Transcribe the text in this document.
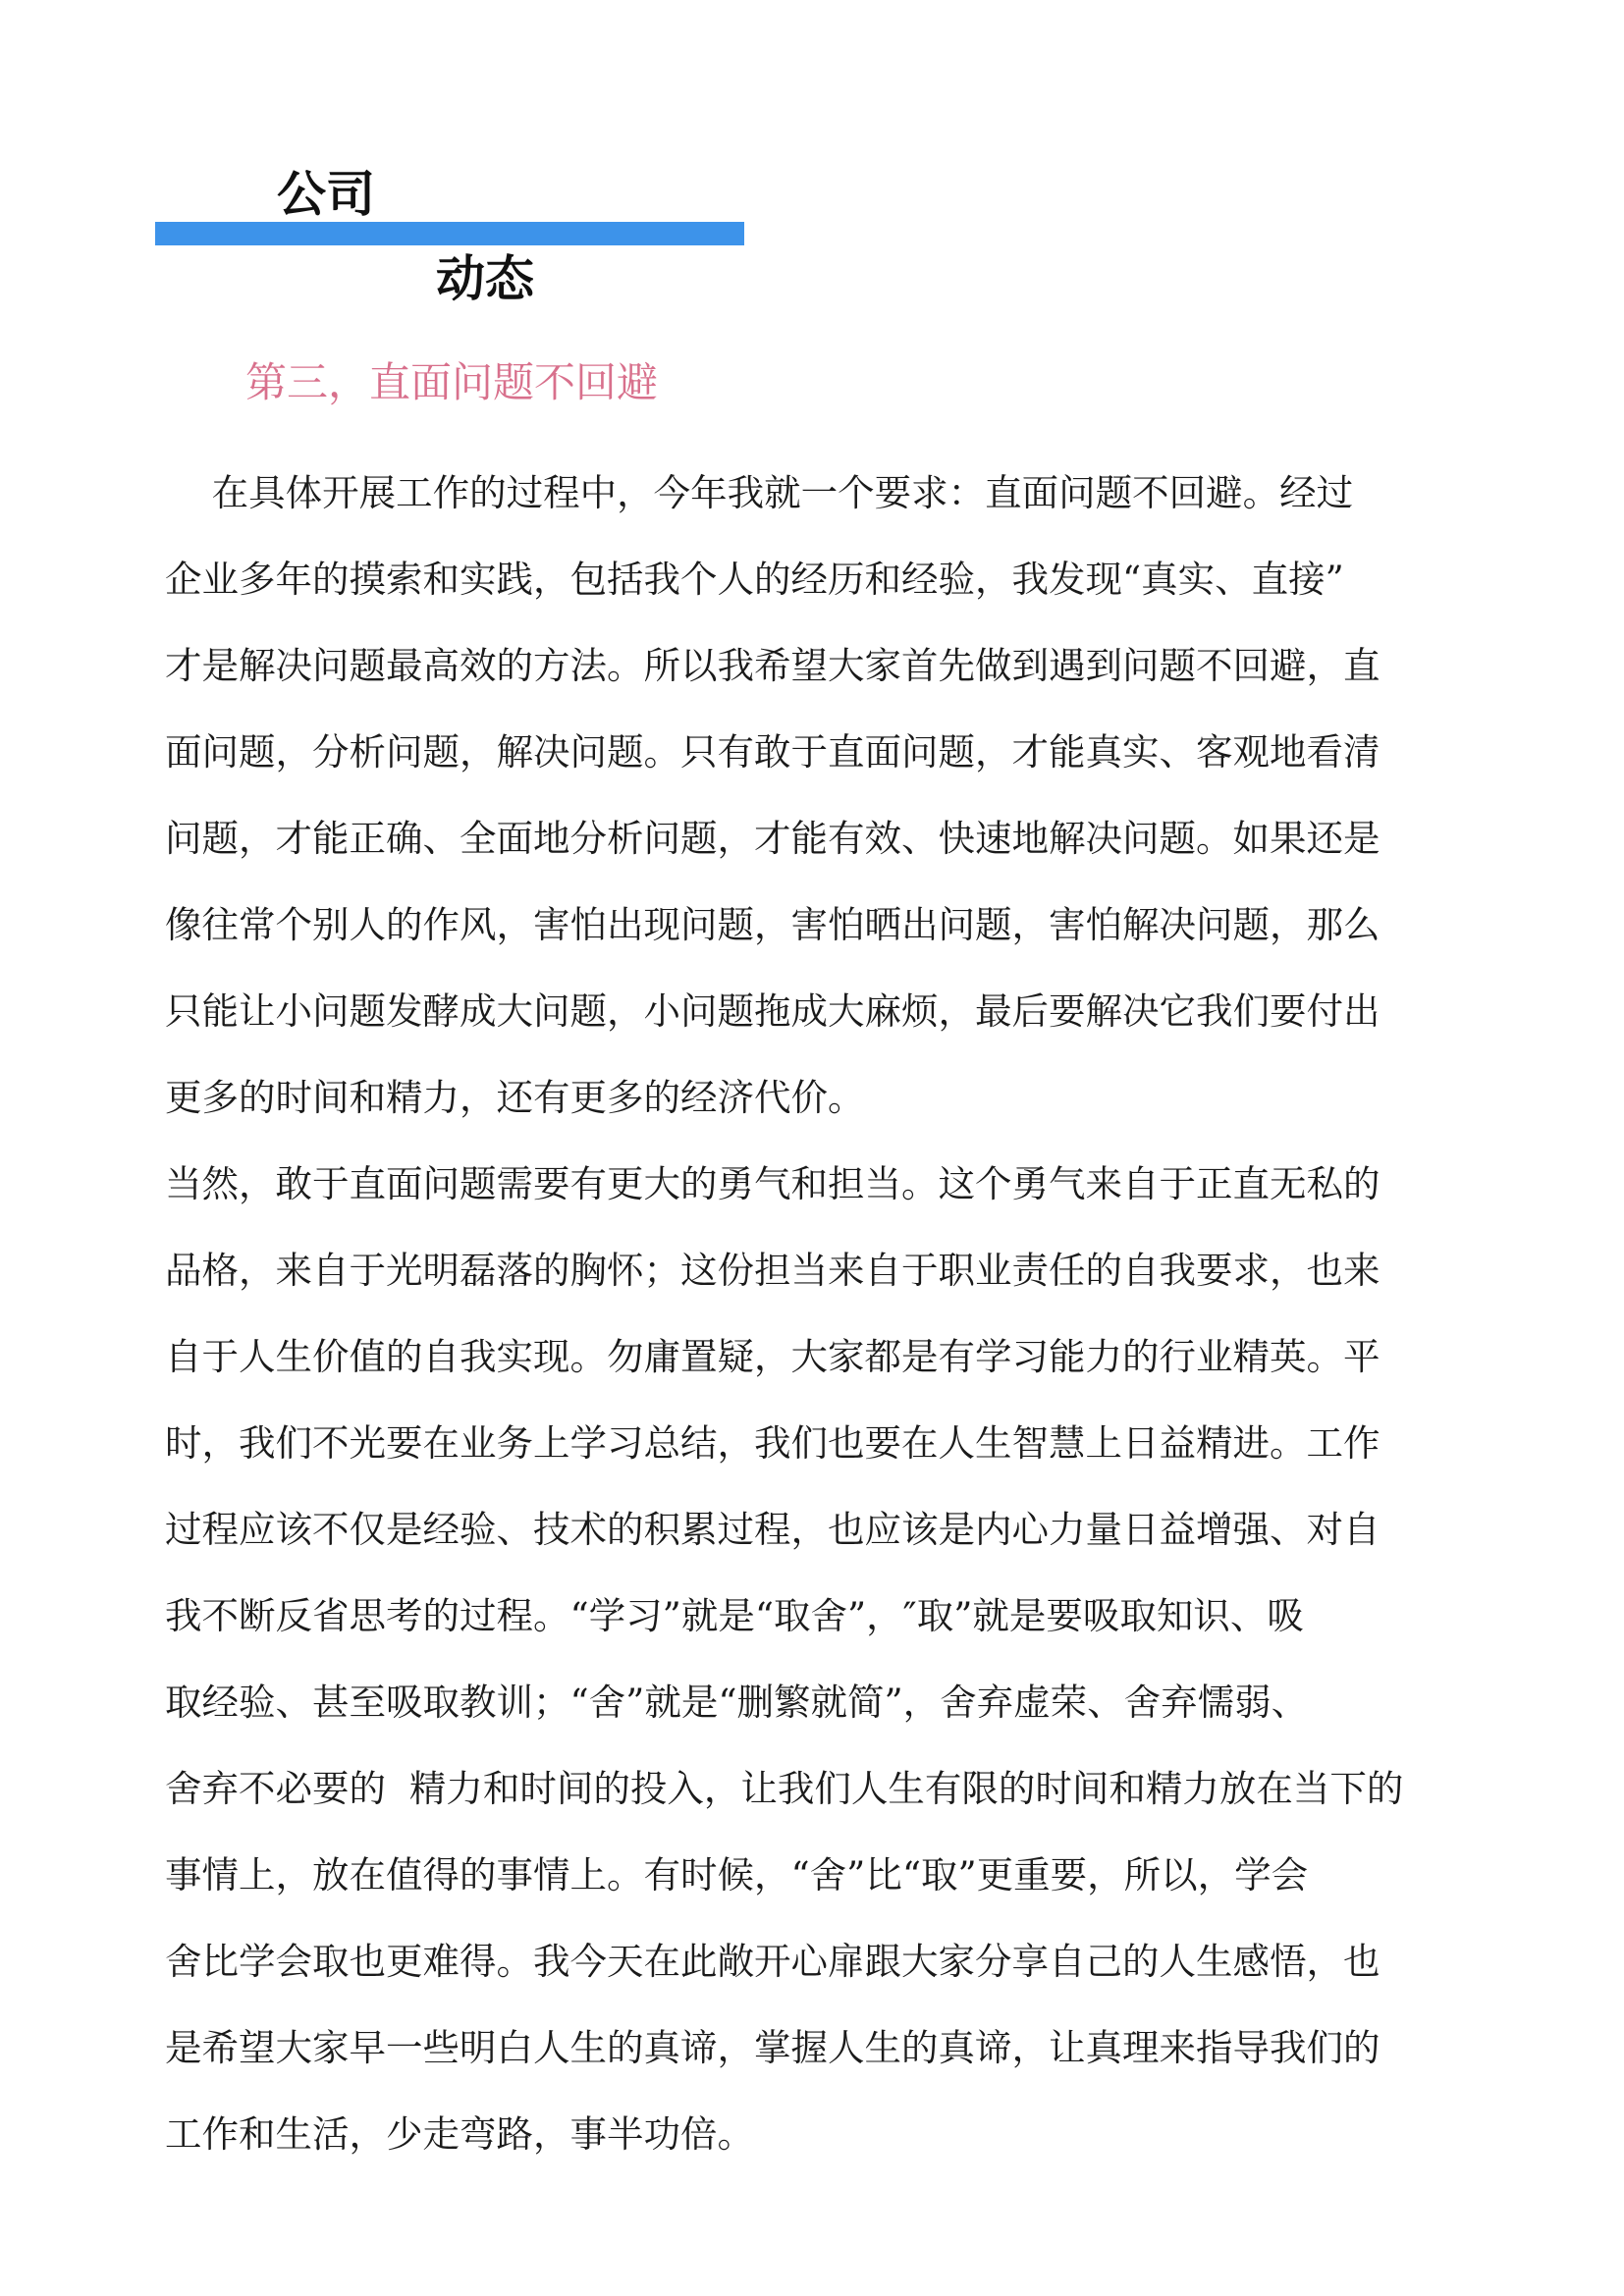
公司
动态
第三，直面问题不回避
在具体开展工作的过程中，今年我就一个要求：直面问题不回避。经过
企业多年的摸索和实践，包括我个人的经历和经验，我发现“真实、直接”
才是解决问题最高效的方法。所以我希望大家首先做到遇到问题不回避，直
面问题，分析问题，解决问题。只有敢于直面问题，才能真实、客观地看清
问题，才能正确、全面地分析问题，才能有效、快速地解决问题。如果还是
像往常个别人的作风，害怕出现问题，害怕晒出问题，害怕解决问题，那么
只能让小问题发酵成大问题，小问题拖成大麻烦，最后要解决它我们要付出
更多的时间和精力，还有更多的经济代价。
当然，敢于直面问题需要有更大的勇气和担当。这个勇气来自于正直无私的
品格，来自于光明磊落的胸怀；这份担当来自于职业责任的自我要求，也来
自于人生价值的自我实现。勿庸置疑，大家都是有学习能力的行业精英。平
时，我们不光要在业务上学习总结，我们也要在人生智慧上日益精进。工作
过程应该不仅是经验、技术的积累过程，也应该是内心力量日益增强、对自
我不断反省思考的过程。“学习”就是“取舍”，″取”就是要吸取知识、吸
取经验、甚至吸取教训；“舍”就是“删繁就简”，舍弃虚荣、舍弃懦弱、
舍弃不必要的  精力和时间的投入，让我们人生有限的时间和精力放在当下的
事情上，放在值得的事情上。有时候，“舍”比“取”更重要，所以，学会
舍比学会取也更难得。我今天在此敞开心扉跟大家分享自己的人生感悟，也
是希望大家早一些明白人生的真谛，掌握人生的真谛，让真理来指导我们的
工作和生活，少走弯路，事半功倍。
